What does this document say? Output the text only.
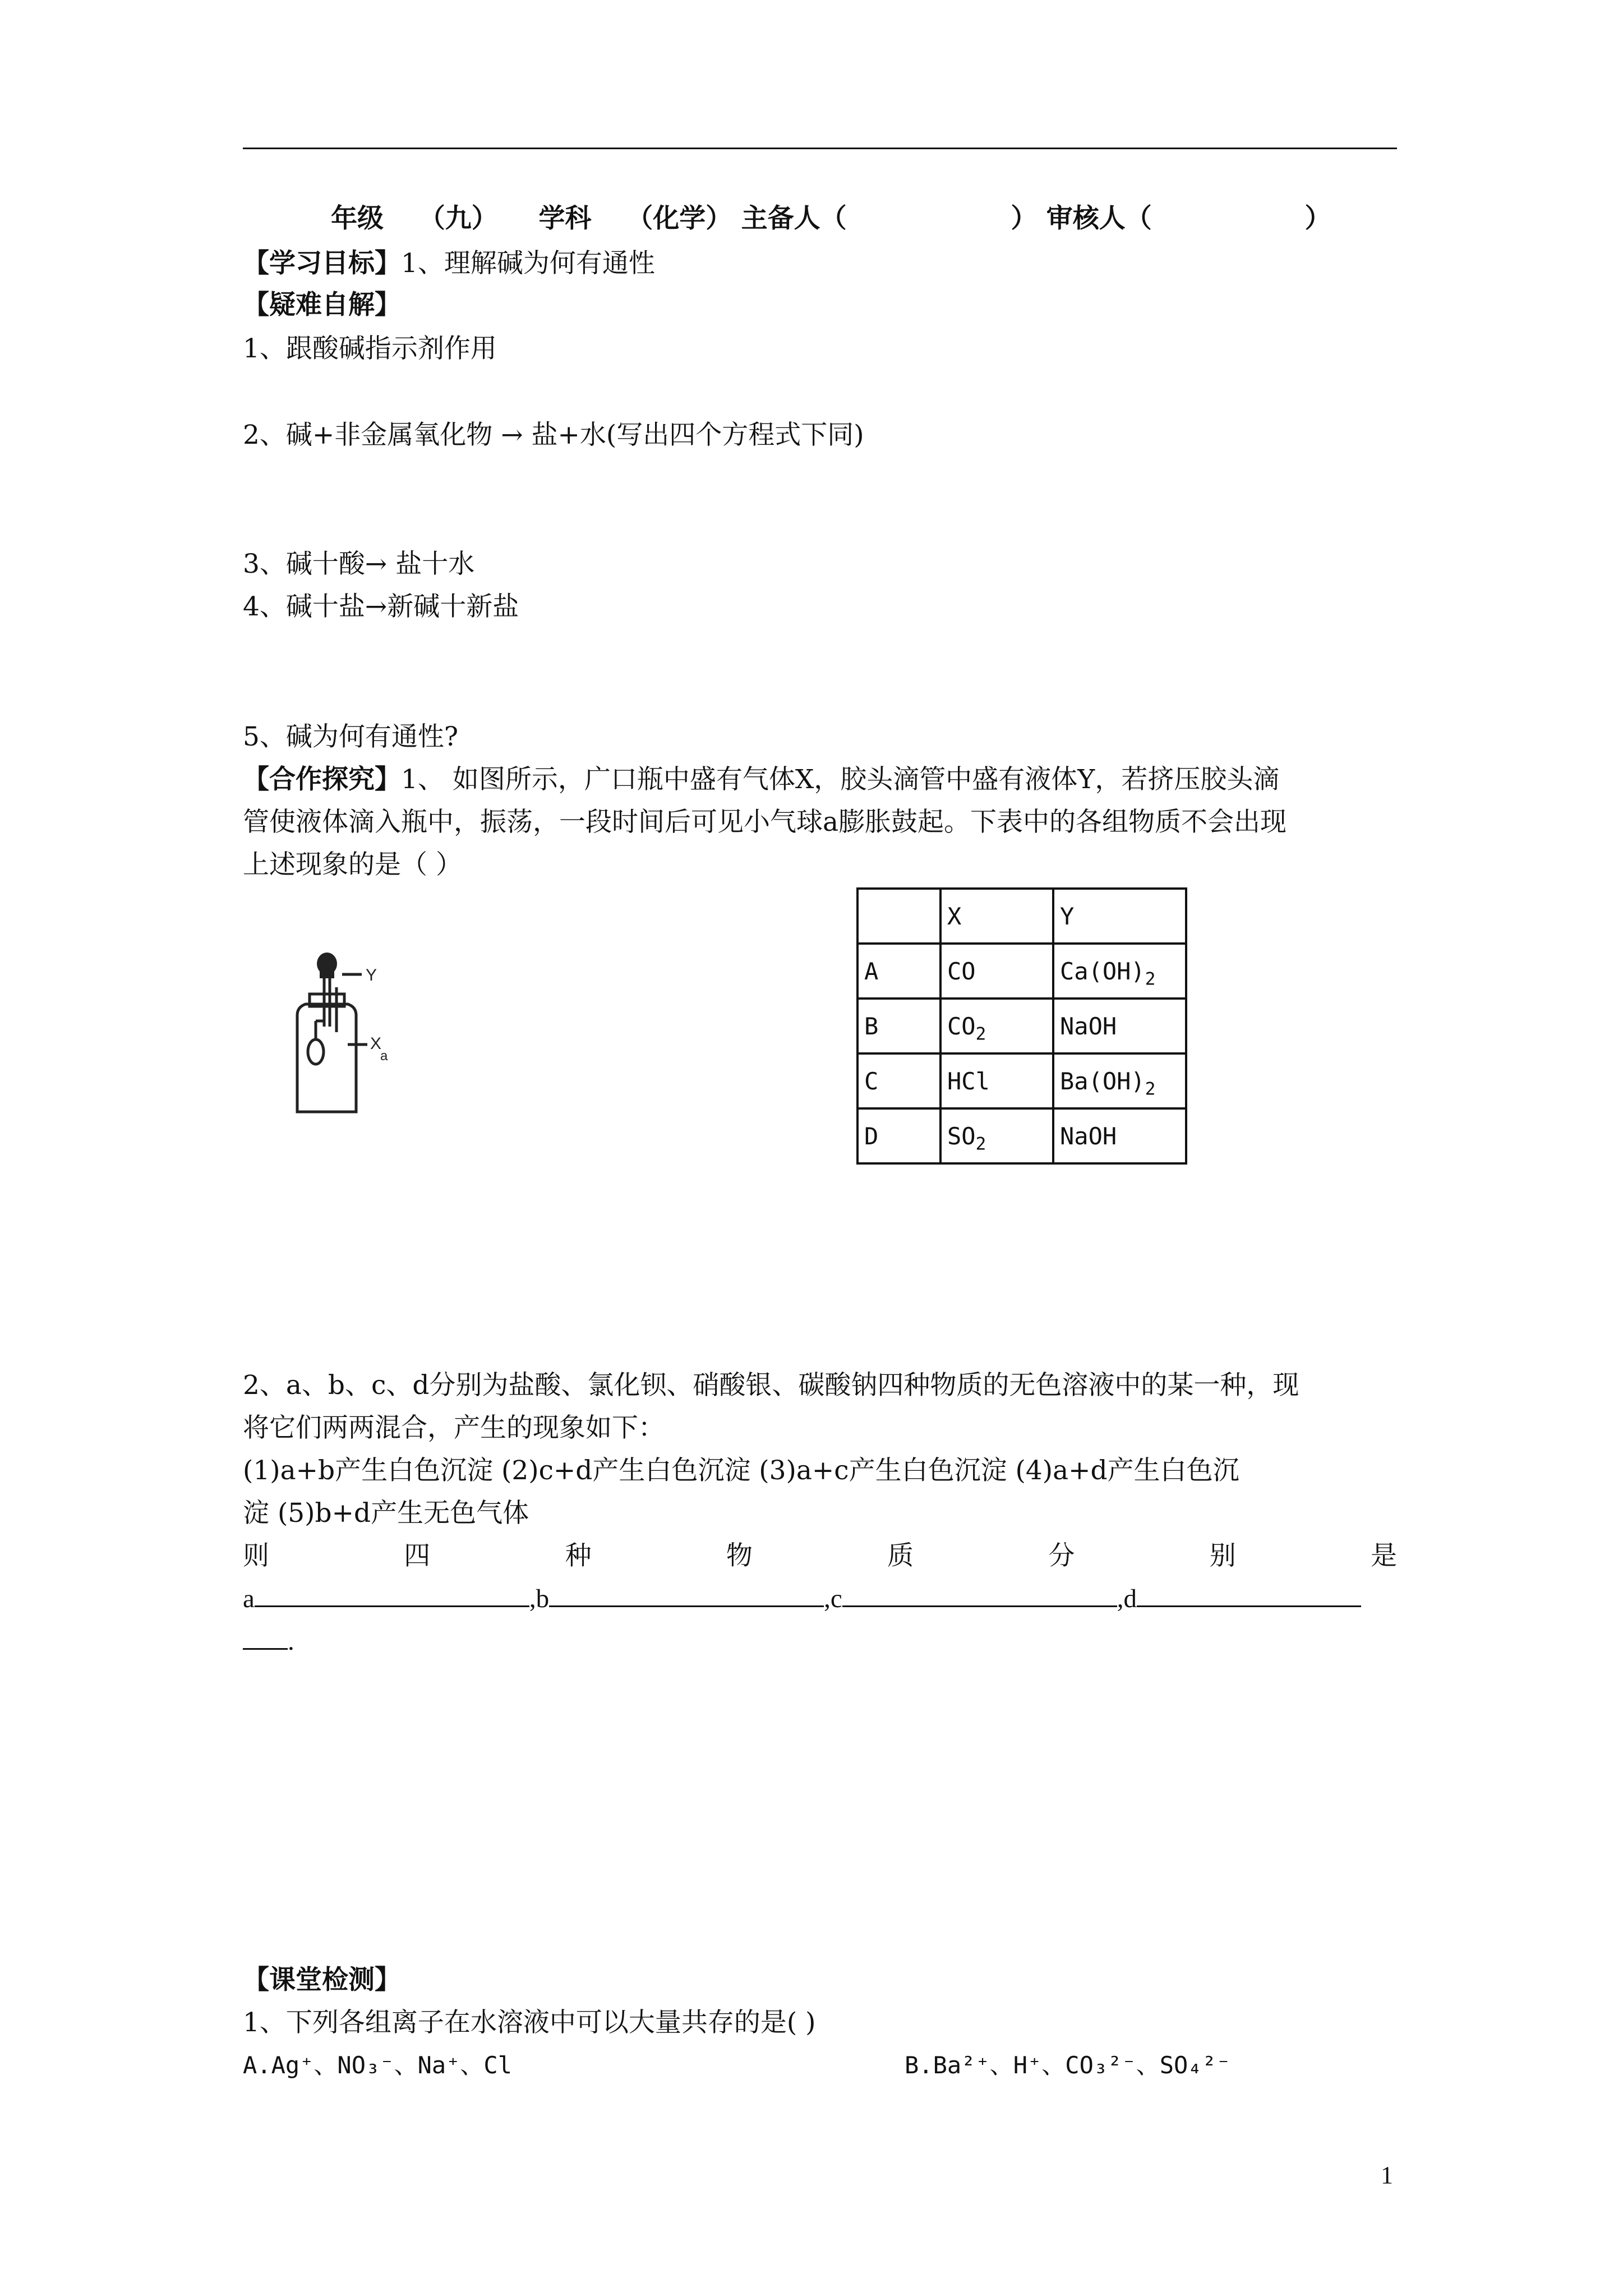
年级 （九） 学科 （化学） 主备人（	） 审核人（	）
【学习目标】1、理解碱为何有通性
【疑难自解】
1、跟酸碱指示剂作用
2、碱+非金属氧化物 → 盐+水(写出四个方程式下同)
3、碱十酸→ 盐十水
4、碱十盐→新碱十新盐
5、碱为何有通性?
【合作探究】1、 如图所示，广口瓶中盛有气体X，胶头滴管中盛有液体Y，若挤压胶头滴
管使液体滴入瓶中，振荡，一段时间后可见小气球a膨胀鼓起。下表中的各组物质不会出现
上述现象的是（ ）
Y
X
a
	X	Y
A	CO	$Ca(OH)_2$
B	$CO_2$	NaOH
C	HCl	$Ba(OH)_2$
D	$SO_2$	NaOH
2、a、b、c、d分别为盐酸、氯化钡、硝酸银、碳酸钠四种物质的无色溶液中的某一种，现
将它们两两混合，产生的现象如下：
(1)a+b产生白色沉淀 (2)c+d产生白色沉淀 (3)a+c产生白色沉淀 (4)a+d产生白色沉
淀 (5)b+d产生无色气体
则	四	种	物	质	分	别	是
a	,b	,c	,d
.
【课堂检测】
1、下列各组离子在水溶液中可以大量共存的是( )
A.Ag⁺、NO₃⁻、Na⁺、Cl	B.Ba²⁺、H⁺、CO₃²⁻、SO₄²⁻
1
